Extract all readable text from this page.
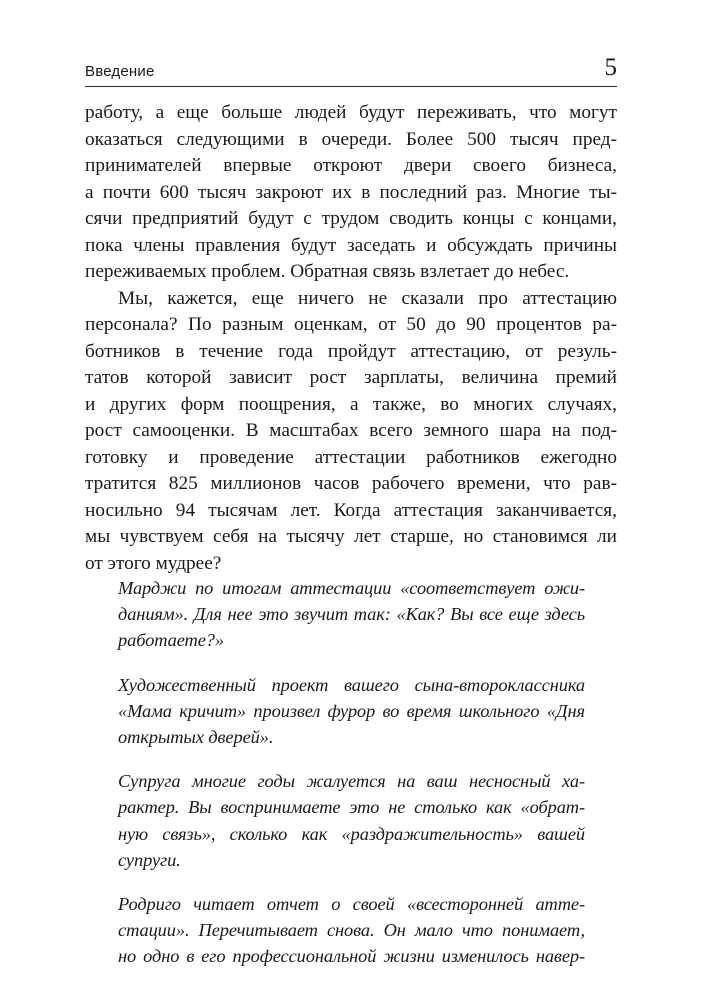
Введение	5
работу, а еще больше людей будут переживать, что могут
оказаться следующими в очереди. Более 500 тысяч пред-
принимателей впервые откроют двери своего бизнеса,
а почти 600 тысяч закроют их в последний раз. Многие ты-
сячи предприятий будут с трудом сводить концы с концами,
пока члены правления будут заседать и обсуждать причины
переживаемых проблем. Обратная связь взлетает до небес.
Мы, кажется, еще ничего не сказали про аттестацию
персонала? По разным оценкам, от 50 до 90 процентов ра-
ботников в течение года пройдут аттестацию, от резуль-
татов которой зависит рост зарплаты, величина премий
и других форм поощрения, а также, во многих случаях,
рост самооценки. В масштабах всего земного шара на под-
готовку и проведение аттестации работников ежегодно
тратится 825 миллионов часов рабочего времени, что рав-
носильно 94 тысячам лет. Когда аттестация заканчивается,
мы чувствуем себя на тысячу лет старше, но становимся ли
от этого мудрее?
Марджи по итогам аттестации «соответствует ожи-
даниям». Для нее это звучит так: «Как? Вы все еще здесь
работаете?»
Художественный проект вашего сына-второклассника
«Мама кричит» произвел фурор во время школьного «Дня
открытых дверей».
Супруга многие годы жалуется на ваш несносный ха-
рактер. Вы воспринимаете это не столько как «обрат-
ную связь», сколько как «раздражительность» вашей
супруги.
Родриго читает отчет о своей «всесторонней атте-
стации». Перечитывает снова. Он мало что понимает,
но одно в его профессиональной жизни изменилось навер-
